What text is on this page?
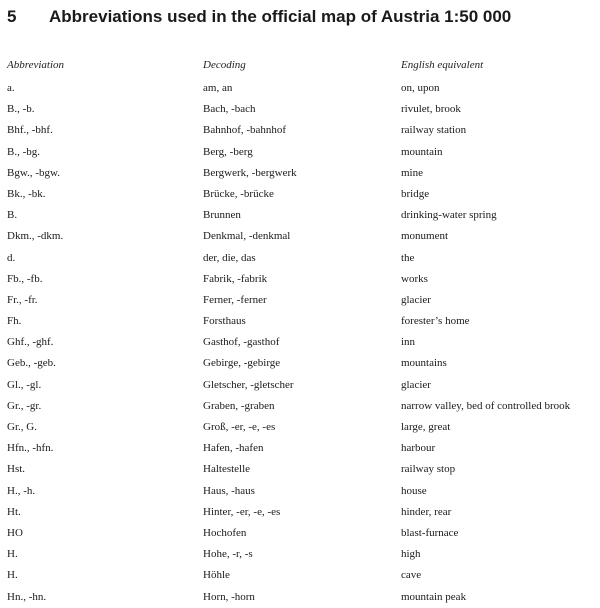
5 Abbreviations used in the official map of Austria 1:50 000
Abbreviation	Decoding	English equivalent
a.	am, an	on, upon
B., -b.	Bach, -bach	rivulet, brook
Bhf., -bhf.	Bahnhof, -bahnhof	railway station
B., -bg.	Berg, -berg	mountain
Bgw., -bgw.	Bergwerk, -bergwerk	mine
Bk., -bk.	Brücke, -brücke	bridge
B.	Brunnen	drinking-water spring
Dkm., -dkm.	Denkmal, -denkmal	monument
d.	der, die, das	the
Fb., -fb.	Fabrik, -fabrik	works
Fr., -fr.	Ferner, -ferner	glacier
Fh.	Forsthaus	forester’s home
Ghf., -ghf.	Gasthof, -gasthof	inn
Geb., -geb.	Gebirge, -gebirge	mountains
Gl., -gl.	Gletscher, -gletscher	glacier
Gr., -gr.	Graben, -graben	narrow valley, bed of controlled brook
Gr., G.	Groß, -er, -e, -es	large, great
Hfn., -hfn.	Hafen, -hafen	harbour
Hst.	Haltestelle	railway stop
H., -h.	Haus, -haus	house
Ht.	Hinter, -er, -e, -es	hinder, rear
HO	Hochofen	blast-furnace
H.	Hohe, -r, -s	high
H.	Höhle	cave
Hn., -hn.	Horn, -horn	mountain peak
